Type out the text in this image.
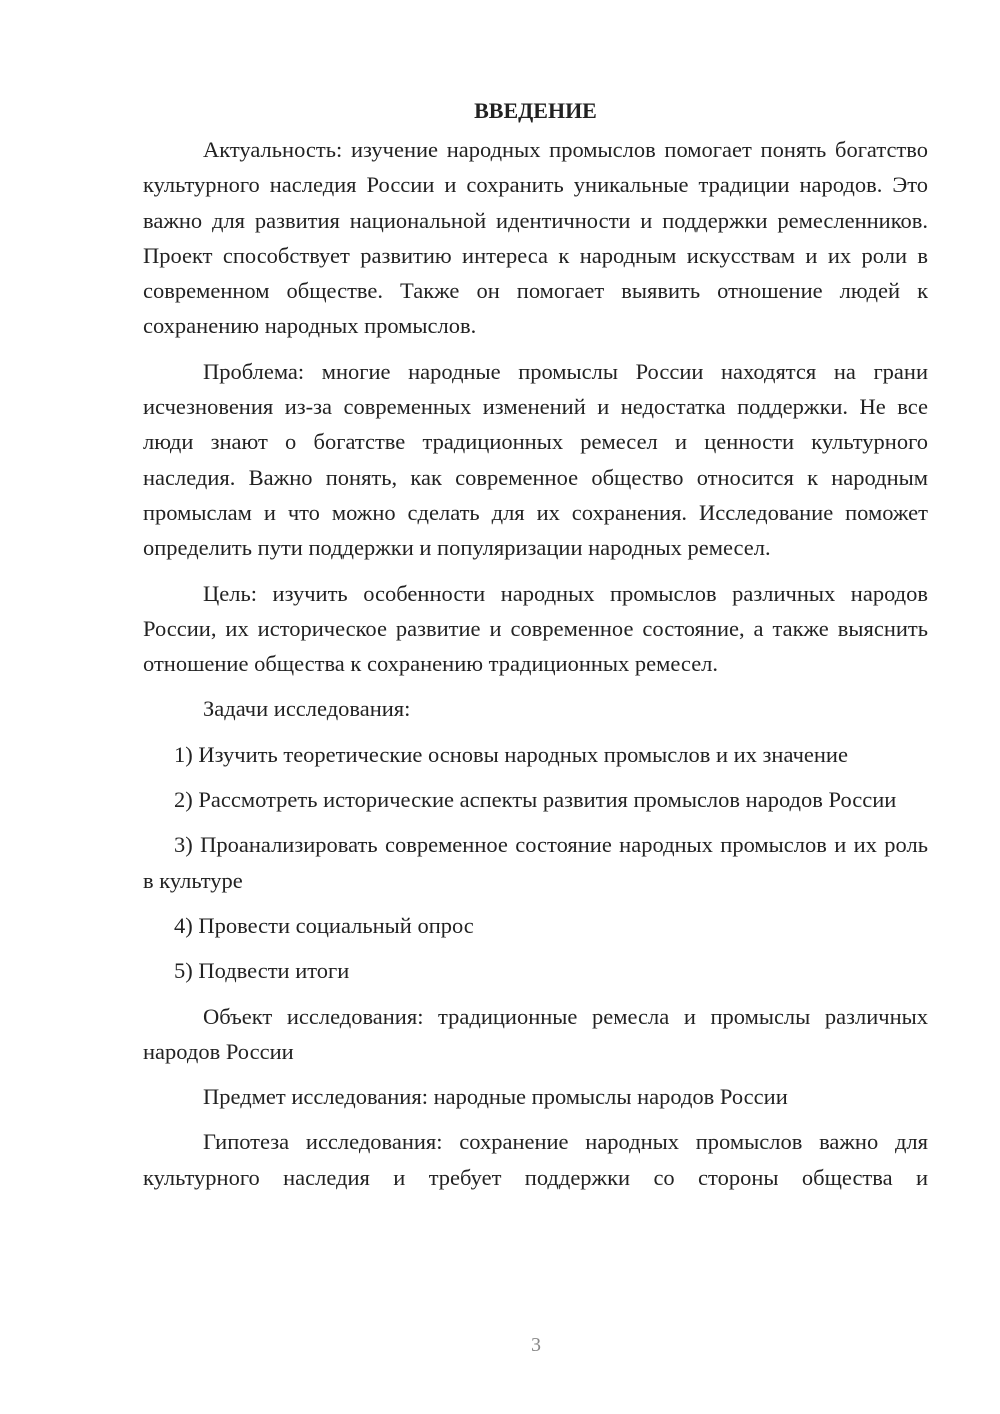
ВВЕДЕНИЕ

Актуальность: изучение народных промыслов помогает понять богатство культурного наследия России и сохранить уникальные традиции народов. Это важно для развития национальной идентичности и поддержки ремесленников. Проект способствует развитию интереса к народным искусствам и их роли в современном обществе. Также он помогает выявить отношение людей к сохранению народных промыслов.

Проблема: многие народные промыслы России находятся на грани исчезновения из-за современных изменений и недостатка поддержки. Не все люди знают о богатстве традиционных ремесел и ценности культурного наследия. Важно понять, как современное общество относится к народным промыслам и что можно сделать для их сохранения. Исследование поможет определить пути поддержки и популяризации народных ремесел.

Цель: изучить особенности народных промыслов различных народов России, их историческое развитие и современное состояние, а также выяснить отношение общества к сохранению традиционных ремесел.

Задачи исследования:

1) Изучить теоретические основы народных промыслов и их значение

2) Рассмотреть исторические аспекты развития промыслов народов России

3) Проанализировать современное состояние народных промыслов и их роль в культуре

4) Провести социальный опрос

5) Подвести итоги

Объект исследования: традиционные ремесла и промыслы различных народов России

Предмет исследования: народные промыслы народов России

Гипотеза исследования: сохранение народных промыслов важно для культурного наследия и требует поддержки со стороны общества и

3
